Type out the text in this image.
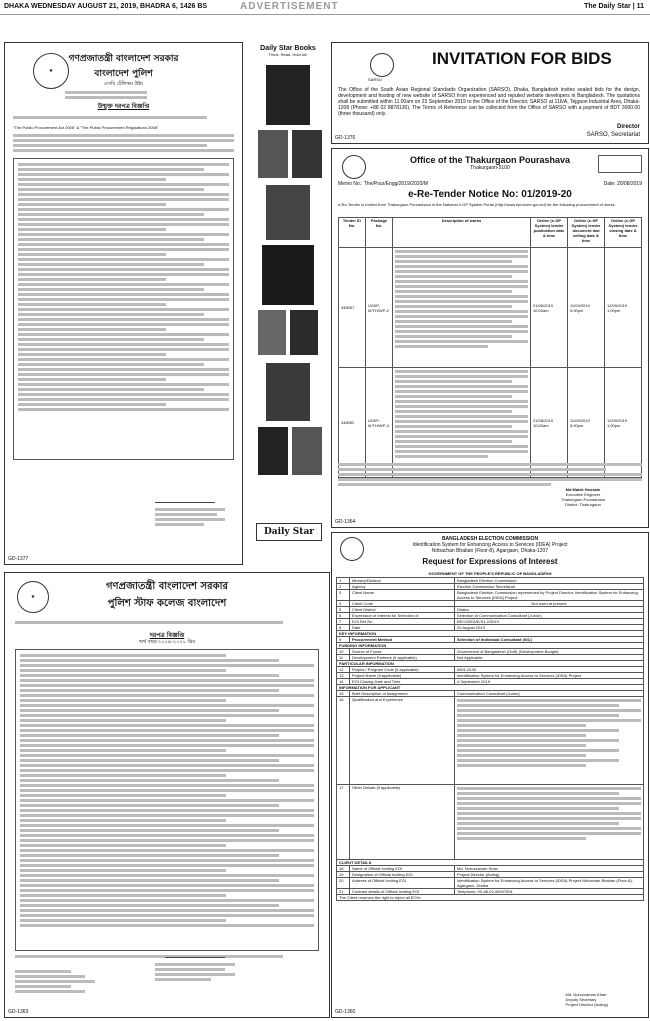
DHAKA WEDNESDAY AUGUST 21, 2019, BHADRA 6, 1426 BS	ADVERTISEMENT	The Daily Star | 11
★
গণপ্রজাতন্ত্রী বাংলাদেশ সরকার
বাংলাদেশ পুলিশ
এসবি টেলিকম উইং
উন্মুক্ত দরপত্র বিজ্ঞপ্তি
"The Public Procurement Act 2006" & "The Public Procurement Regulations 2008"
GD-1377
Daily Star Books
Think. Read. Hold on!
Daily Star
SARSO
INVITATION FOR BIDS
The Office of the South Asian Regional Standards Organization (SARSO), Dhaka, Bangladesh invites sealed bids for the design, development and hosting of new website of SARSO from experienced and reputed website developers in Bangladesh. The quotations shall be submitted within 11:00am on 23 September 2019 to the Office of the Director, SARSO at 116/A, Tejgaon Industrial Area, Dhaka-1208 (Phone: +88 02 8878130). The Terms of Reference can be collected from the Office of SARSO with a payment of BDT 3000.00 (three thousand) only.
Director
SARSO, Secretariat
GD-1376
Office of the Thakurgaon Pourashava
Thakurgaon-5100
Memo No.: The/Pour/Engg/2019/2020/M	Date: 20/08/2019
e-Re-Tender Notice No: 01/2019-20
e-Re-Tender is invited from Thakurgaon Pourashava in the National e-GP System Portal (http://www.eprocure.gov.bd) for the following procurement of works.
Tender ID No.	Package No.	Description of works	Online (e-GP System) tender publication date & time	Online (e-GP System) tender document last selling date & time	Online (e-GP System) tender closing date & time
348057	UGIIP-III/TH/WP-2		21/08/2019 10:00am	11/09/2019 5:00pm	12/09/2019 1:00pm
348052	UGIIP-III/TH/WP-3		21/08/2019 10:00am	11/09/2019 5:00pm	12/09/2019 1:00pm
Md Malek Hossain
Executive Engineer
Thakurgaon Pourashava
District: Thakurgaon
GD-1364
★
গণপ্রজাতন্ত্রী বাংলাদেশ সরকার
পুলিশ স্টাফ কলেজ বাংলাদেশ
দরপত্র বিজ্ঞপ্তি
অর্থ বছর-২০১৯-২০২০ খ্রিঃ
GD-1363
BANGLADESH ELECTION COMMISSION
Identification System for Enhancing Access to Services (IDEA) Project
Nirbachan Bhaban (Floor-8), Agargaon, Dhaka-1207
Request for Expressions of Interest
GOVERNMENT OF THE PEOPLE'S REPUBLIC OF BANGLADESH
1	Ministry/Division	Bangladesh Election Commission
2	Agency	Election Commission Secretariat
3	Client Name	Bangladesh Election Commission represented by Project Director, Identification System for Enhancing Access to Services (IDEA) Project
4	Client Code	Not used at present
5	Client District	Dhaka
6	Expression of Interest for Selection of	Selection of Communication Consultant (Junior)
7	EOI Ref No	BEC/IDEA/E/S1.2/2019
8	Date	20 August 2019
KEY INFORMATION		
9	Procurement Method	Selection of Individual Consultant (SIC)
FUNDING INFORMATION		
10	Source of Funds	Government of Bangladesh (GoB) (Development Budget)
11	Development Partners (if applicable)	Not Applicable
PARTICULAR INFORMATION		
12	Project / Program Code (if applicable)	0601-5130
13	Project Name (if applicable)	Identification System for Enhancing Access to Services (IDEA) Project
14	EOI Closing Date and Time	4 September 2019
INFORMATION FOR APPLICANT		
15	Brief Description of Assignment	Communication Consultant (Junior)
16	Qualification and Experience	

17	Other Details (if applicable)	

CLIENT DETAILS		
18	Name of Official Inviting EOI	Md. Nuruzzaman Khan
19	Designation of Official Inviting EOI	Project Director (Acting)
20	Address of Official Inviting EOI	Identification System for Enhancing Access to Services (IDEA) Project Nirbachan Bhaban (Floor-8), Agargaon, Dhaka
21	Contract details of Official Inviting EOI	Telephone: 00-88-02-55007591
The Client reserves the right to reject all EOI's		
Md. Nuruzzaman Khan
Deputy Secretary
Project Director (Acting)
GD-1360
